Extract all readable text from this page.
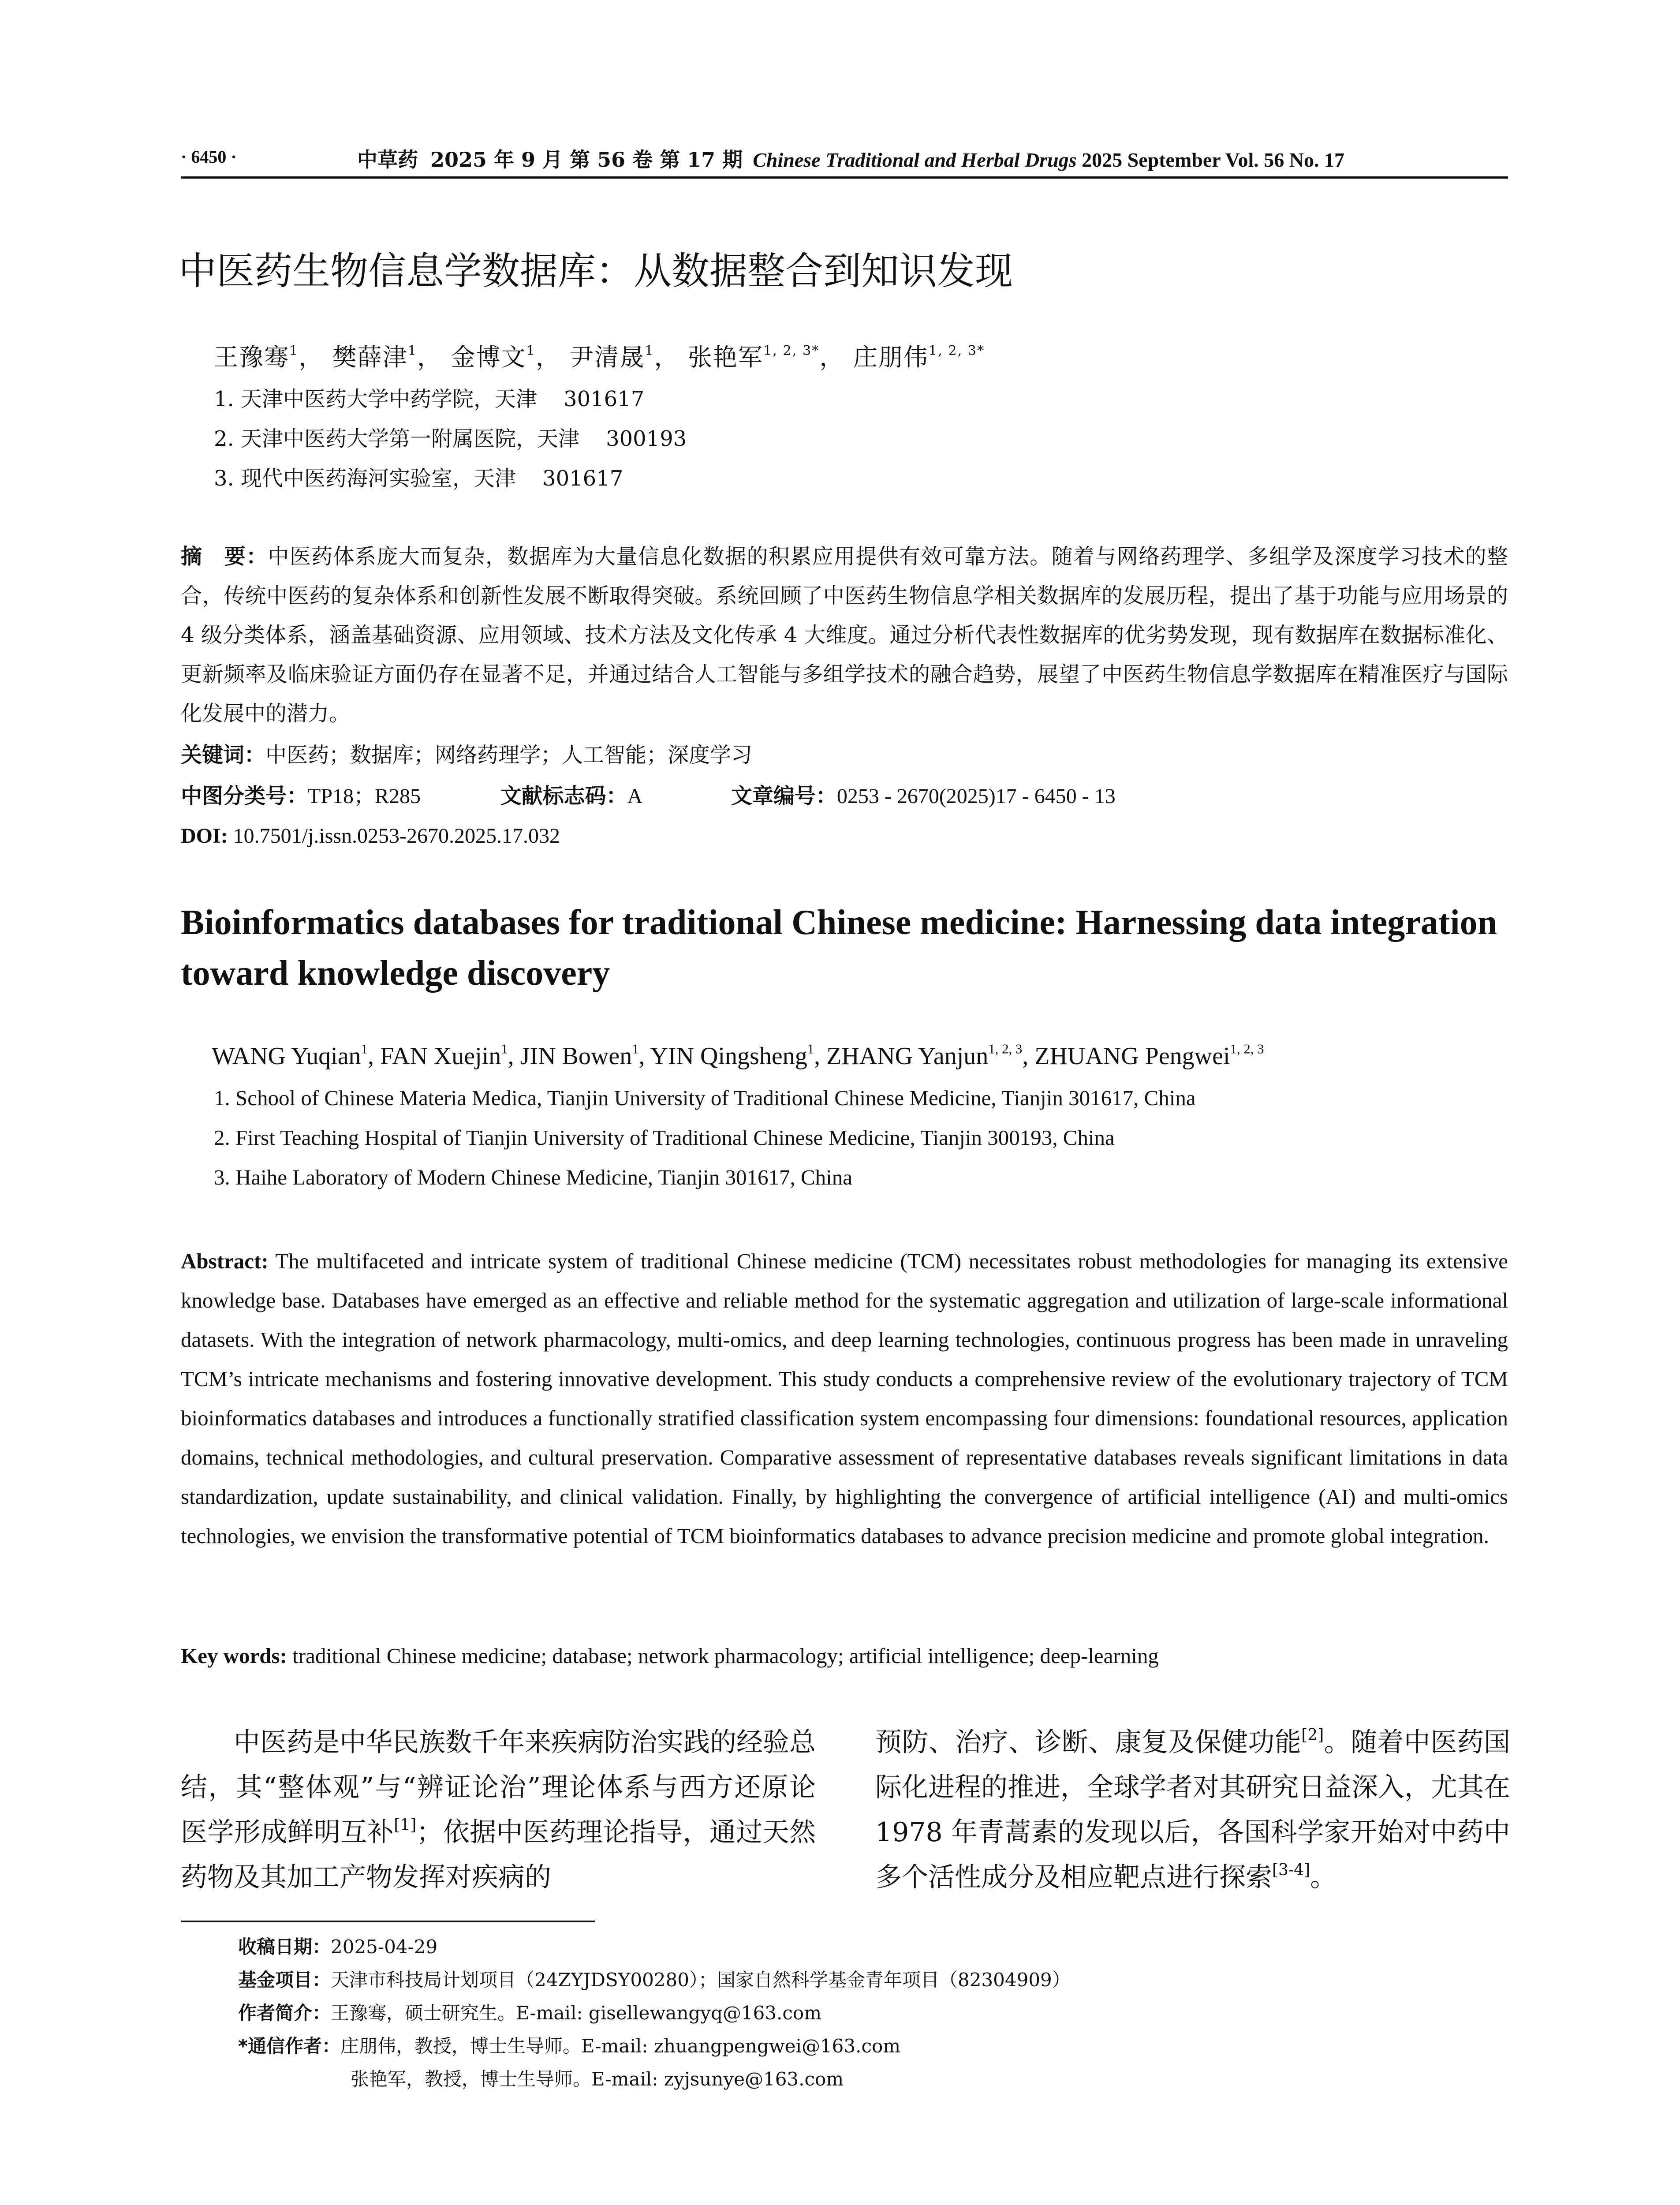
· 6450 ·	中草药 2025 年 9 月 第 56 卷 第 17 期 Chinese Traditional and Herbal Drugs 2025 September Vol. 56 No. 17
中医药生物信息学数据库：从数据整合到知识发现
王豫骞$^1$， 樊薛津$^1$， 金博文$^1$， 尹清晟$^1$， 张艳军$^{1, 2, 3*}$， 庄朋伟$^{1, 2, 3*}$
1. 天津中医药大学中药学院，天津 301617
2. 天津中医药大学第一附属医院，天津 300193
3. 现代中医药海河实验室，天津 301617
摘　要：中医药体系庞大而复杂，数据库为大量信息化数据的积累应用提供有效可靠方法。随着与网络药理学、多组学及深度学习技术的整合，传统中医药的复杂体系和创新性发展不断取得突破。系统回顾了中医药生物信息学相关数据库的发展历程，提出了基于功能与应用场景的 4 级分类体系，涵盖基础资源、应用领域、技术方法及文化传承 4 大维度。通过分析代表性数据库的优劣势发现，现有数据库在数据标准化、更新频率及临床验证方面仍存在显著不足，并通过结合人工智能与多组学技术的融合趋势，展望了中医药生物信息学数据库在精准医疗与国际化发展中的潜力。
关键词：中医药；数据库；网络药理学；人工智能；深度学习
中图分类号：TP18；R285	文献标志码：A	文章编号：0253 - 2670(2025)17 - 6450 - 13
DOI: 10.7501/j.issn.0253-2670.2025.17.032
Bioinformatics databases for traditional Chinese medicine: Harnessing data integration toward knowledge discovery
WANG Yuqian$^1$, FAN Xuejin$^1$, JIN Bowen$^1$, YIN Qingsheng$^1$, ZHANG Yanjun$^{1, 2, 3}$, ZHUANG Pengwei$^{1, 2, 3}$
1. School of Chinese Materia Medica, Tianjin University of Traditional Chinese Medicine, Tianjin 301617, China
2. First Teaching Hospital of Tianjin University of Traditional Chinese Medicine, Tianjin 300193, China
3. Haihe Laboratory of Modern Chinese Medicine, Tianjin 301617, China
Abstract: The multifaceted and intricate system of traditional Chinese medicine (TCM) necessitates robust methodologies for managing its extensive knowledge base. Databases have emerged as an effective and reliable method for the systematic aggregation and utilization of large-scale informational datasets. With the integration of network pharmacology, multi-omics, and deep learning technologies, continuous progress has been made in unraveling TCM’s intricate mechanisms and fostering innovative development. This study conducts a comprehensive review of the evolutionary trajectory of TCM bioinformatics databases and introduces a functionally stratified classification system encompassing four dimensions: foundational resources, application domains, technical methodologies, and cultural preservation. Comparative assessment of representative databases reveals significant limitations in data standardization, update sustainability, and clinical validation. Finally, by highlighting the convergence of artificial intelligence (AI) and multi-omics technologies, we envision the transformative potential of TCM bioinformatics databases to advance precision medicine and promote global integration.
Key words: traditional Chinese medicine; database; network pharmacology; artificial intelligence; deep-learning
中医药是中华民族数千年来疾病防治实践的经验总结，其“整体观”与“辨证论治”理论体系与西方还原论医学形成鲜明互补[1]；依据中医药理论指导，通过天然药物及其加工产物发挥对疾病的
预防、治疗、诊断、康复及保健功能[2]。随着中医药国际化进程的推进，全球学者对其研究日益深入，尤其在 1978 年青蒿素的发现以后，各国科学家开始对中药中多个活性成分及相应靶点进行探索[3-4]。
收稿日期：2025-04-29
基金项目：天津市科技局计划项目（24ZYJDSY00280）；国家自然科学基金青年项目（82304909）
作者简介：王豫骞，硕士研究生。E-mail: gisellewangyq@163.com
*通信作者：庄朋伟，教授，博士生导师。E-mail: zhuangpengwei@163.com
张艳军，教授，博士生导师。E-mail: zyjsunye@163.com
